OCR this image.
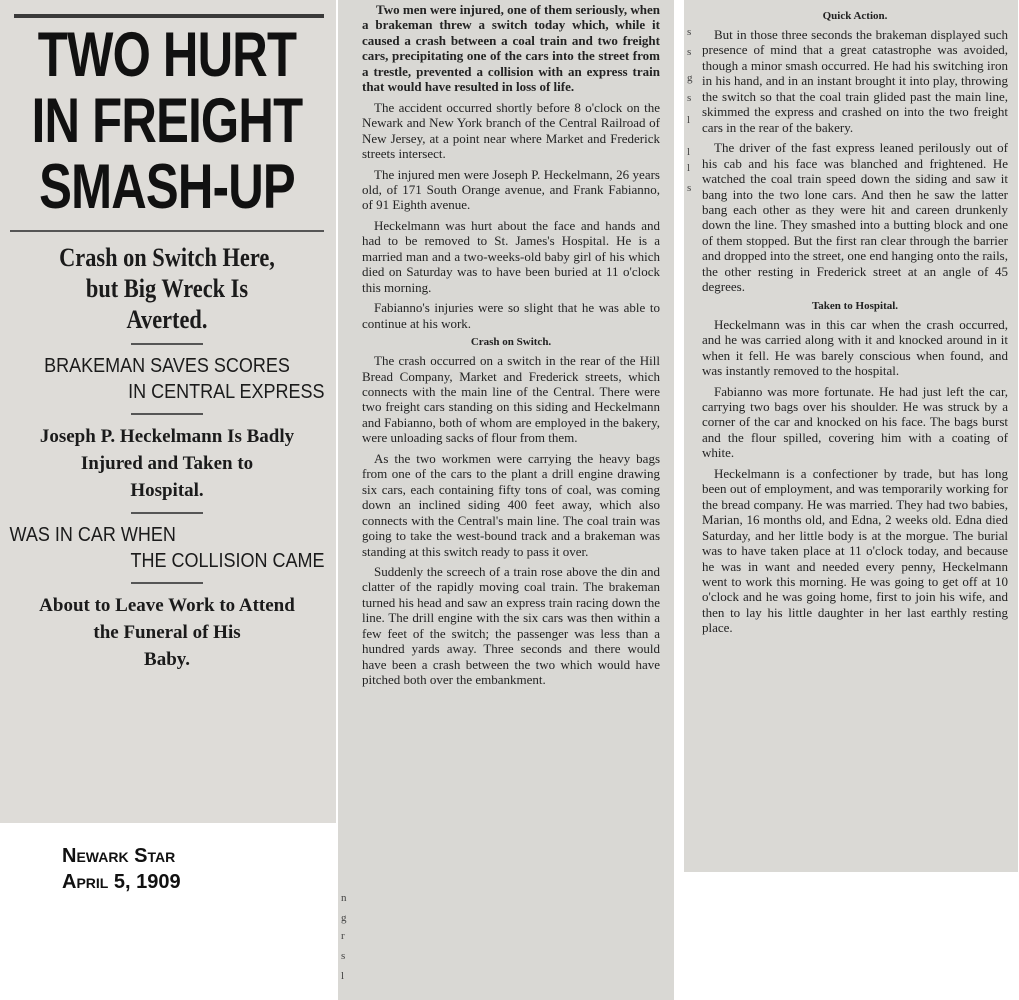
TWO HURT
IN FREIGHT
SMASH-UP
Crash on Switch Here,
but Big Wreck Is
Averted.
BRAKEMAN SAVES SCORES
IN CENTRAL EXPRESS
Joseph P. Heckelmann Is Badly
Injured and Taken to
Hospital.
WAS IN CAR WHEN
THE COLLISION CAME
About to Leave Work to Attend
the Funeral of His
Baby.
Newark Star
April 5, 1909
n
g
r
s
l

Two men were injured, one of them seriously, when a brakeman threw a switch today which, while it caused a crash between a coal train and two freight cars, precipitating one of the cars into the street from a trestle, prevented a collision with an express train that would have resulted in loss of life.

The accident occurred shortly before 8 o'clock on the Newark and New York branch of the Central Railroad of New Jersey, at a point near where Market and Frederick streets intersect.

The injured men were Joseph P. Heckelmann, 26 years old, of 171 South Orange avenue, and Frank Fabianno, of 91 Eighth avenue.

Heckelmann was hurt about the face and hands and had to be removed to St. James's Hospital. He is a married man and a two-weeks-old baby girl of his which died on Saturday was to have been buried at 11 o'clock this morning.

Fabianno's injuries were so slight that he was able to continue at his work.

Crash on Switch.

The crash occurred on a switch in the rear of the Hill Bread Company, Market and Frederick streets, which connects with the main line of the Central. There were two freight cars standing on this siding and Heckelmann and Fabianno, both of whom are employed in the bakery, were unloading sacks of flour from them.

As the two workmen were carrying the heavy bags from one of the cars to the plant a drill engine drawing six cars, each containing fifty tons of coal, was coming down an inclined siding 400 feet away, which also connects with the Central's main line. The coal train was going to take the west-bound track and a brakeman was standing at this switch ready to pass it over.

Suddenly the screech of a train rose above the din and clatter of the rapidly moving coal train. The brakeman turned his head and saw an express train racing down the line. The drill engine with the six cars was then within a few feet of the switch; the passenger was less than a hundred yards away. Three seconds and there would have been a crash between the two which would have pitched both over the embankment.

s
s
g
s
l
l
l
s
Quick Action.

But in those three seconds the brakeman displayed such presence of mind that a great catastrophe was avoided, though a minor smash occurred. He had his switching iron in his hand, and in an instant brought it into play, throwing the switch so that the coal train glided past the main line, skimmed the express and crashed on into the two freight cars in the rear of the bakery.

The driver of the fast express leaned perilously out of his cab and his face was blanched and frightened. He watched the coal train speed down the siding and saw it bang into the two lone cars. And then he saw the latter bang each other as they were hit and careen drunkenly down the line. They smashed into a butting block and one of them stopped. But the first ran clear through the barrier and dropped into the street, one end hanging onto the rails, the other resting in Frederick street at an angle of 45 degrees.

Taken to Hospital.

Heckelmann was in this car when the crash occurred, and he was carried along with it and knocked around in it when it fell. He was barely conscious when found, and was instantly removed to the hospital.

Fabianno was more fortunate. He had just left the car, carrying two bags over his shoulder. He was struck by a corner of the car and knocked on his face. The bags burst and the flour spilled, covering him with a coating of white.

Heckelmann is a confectioner by trade, but has long been out of employment, and was temporarily working for the bread company. He was married. They had two babies, Marian, 16 months old, and Edna, 2 weeks old. Edna died Saturday, and her little body is at the morgue. The burial was to have taken place at 11 o'clock today, and because he was in want and needed every penny, Heckelmann went to work this morning. He was going to get off at 10 o'clock and he was going home, first to join his wife, and then to lay his little daughter in her last earthly resting place.
